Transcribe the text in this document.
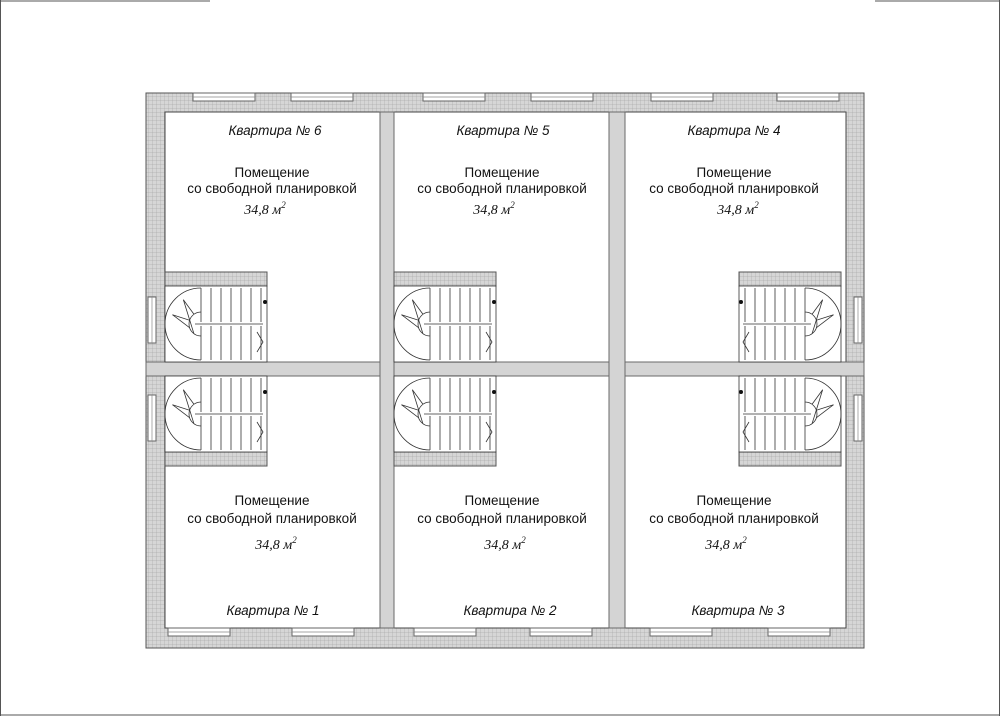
Квартира № 6
Помещение
со свободной планировкой
34,8 $м^2$
Квартира № 5
Помещение
со свободной планировкой
34,8 $м^2$
Квартира № 4
Помещение
со свободной планировкой
34,8 $м^2$
Помещение
со свободной планировкой
34,8 $м^2$
Квартира № 1
Помещение
со свободной планировкой
34,8 $м^2$
Квартира № 2
Помещение
со свободной планировкой
34,8 $м^2$
Квартира № 3
